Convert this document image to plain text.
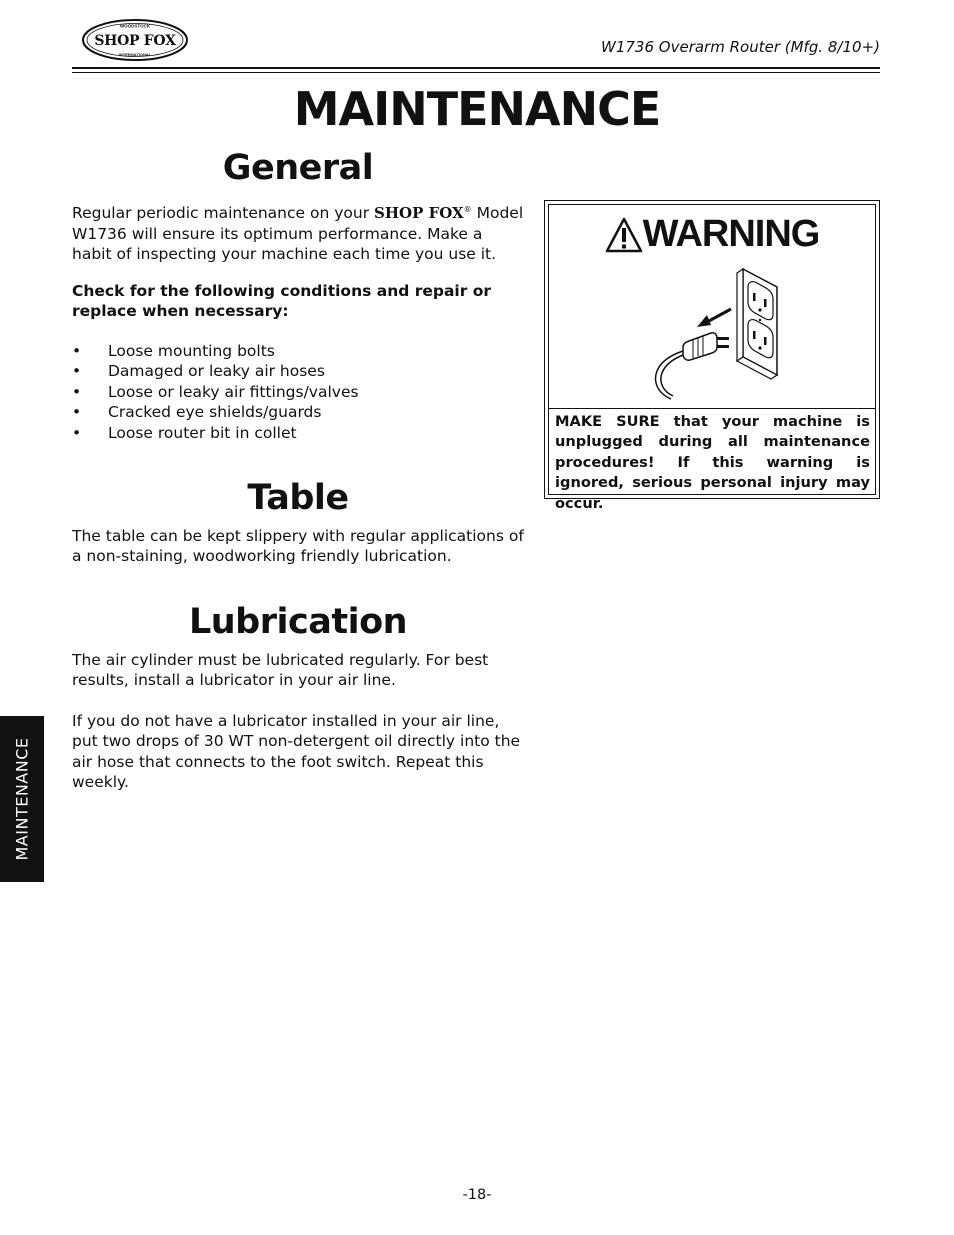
WOODSTOCK
SHOP FOX
INTERNATIONAL	W1736 Overarm Router (Mfg. 8/10+)
MAINTENANCE
General

Regular periodic maintenance on your SHOP FOX® Model W1736 will ensure its optimum performance. Make a habit of inspecting your machine each time you use it.

Check for the following conditions and repair or replace when necessary:

• Loose mounting bolts
• Damaged or leaky air hoses
• Loose or leaky air fittings/valves
• Cracked eye shields/guards
• Loose router bit in collet
Table

The table can be kept slippery with regular applications of a non-staining, woodworking friendly lubrication.

Lubrication

The air cylinder must be lubricated regularly. For best results, install a lubricator in your air line.

If you do not have a lubricator installed in your air line, put two drops of 30 WT non-detergent oil directly into the air hose that connects to the foot switch. Repeat this weekly.

WARNING

MAKE SURE that your machine is unplugged during all maintenance procedures! If this warning is ignored, serious personal injury may occur.

MAINTENANCE
-18-
